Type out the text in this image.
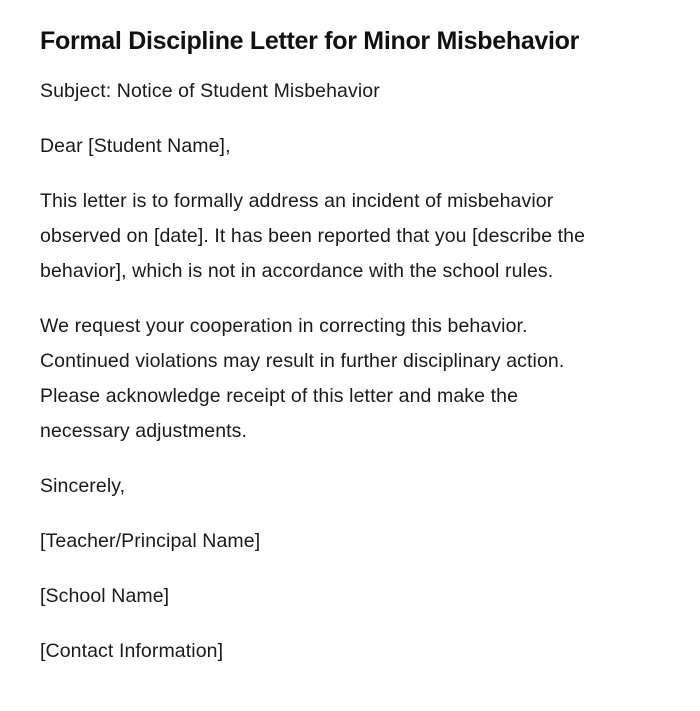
Formal Discipline Letter for Minor Misbehavior

Subject: Notice of Student Misbehavior

Dear [Student Name],

This letter is to formally address an incident of misbehavior
observed on [date]. It has been reported that you [describe the
behavior], which is not in accordance with the school rules.

We request your cooperation in correcting this behavior.
Continued violations may result in further disciplinary action.
Please acknowledge receipt of this letter and make the
necessary adjustments.

Sincerely,

[Teacher/Principal Name]

[School Name]

[Contact Information]
